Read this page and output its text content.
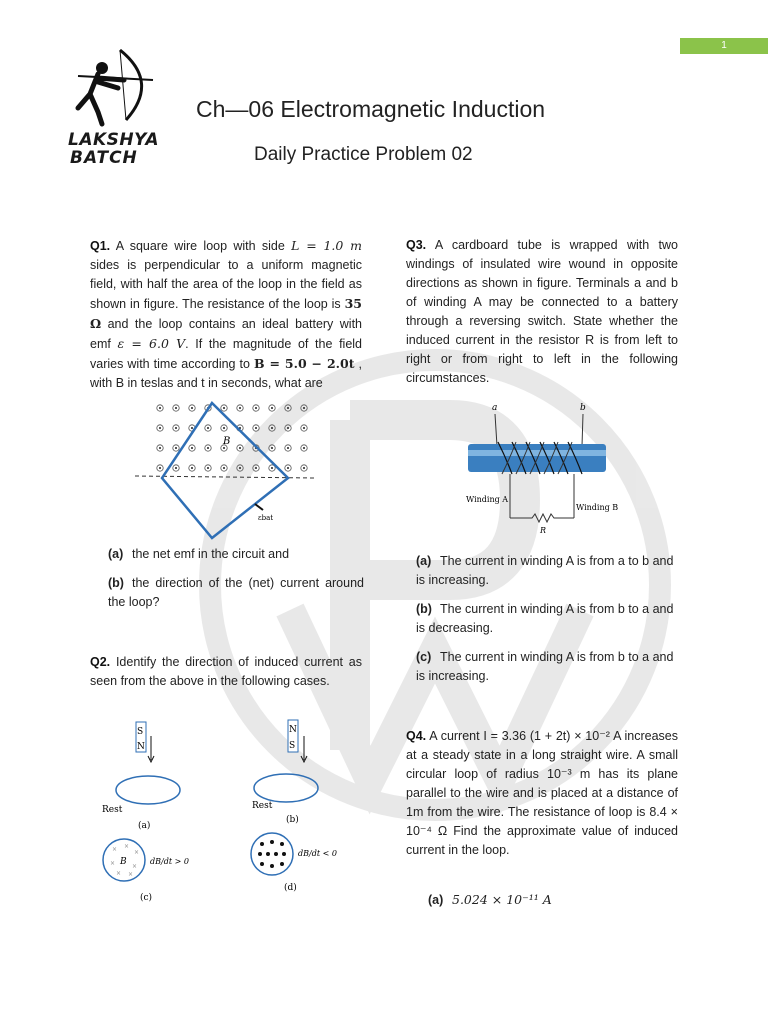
1
LAKSHYA
BATCH
Ch—06 Electromagnetic Induction
Daily Practice Problem 02
Q1. A square wire loop with side L = 1.0 m sides is perpendicular to a uniform magnetic field, with half the area of the loop in the field as shown in figure. The resistance of the loop is 35 Ω and the loop contains an ideal battery with emf ε = 6.0 V. If the magnitude of the field varies with time according to B = 5.0 − 2.0t , with B in teslas and t in seconds, what are
B
εbat
(a) the net emf in the circuit and
(b) the direction of the (net) current around the loop?
Q2. Identify the direction of induced current as seen from the above in the following cases.
S
N
Rest
(a)
N
S
Rest
(b)
× ×
×
×	×
× ×
B	dB/dt > 0
(c)
dB/dt < 0
(d)
Q3. A cardboard tube is wrapped with two windings of insulated wire wound in opposite directions as shown in figure. Terminals a and b of winding A may be connected to a battery through a reversing switch. State whether the induced current in the resistor R is from left to right or from right to left in the following circumstances.
a	b
Winding A
Winding B
R
(a) The current in winding A is from a to b and is increasing.
(b) The current in winding A is from b to a and is decreasing.
(c) The current in winding A is from b to a and is increasing.
Q4. A current I = 3.36 (1 + 2t) × 10⁻² A increases at a steady state in a long straight wire. A small circular loop of radius 10⁻³ m has its plane parallel to the wire and is placed at a distance of 1m from the wire. The resistance of loop is 8.4 × 10⁻⁴ Ω Find the approximate value of induced current in the loop.
(a) 5.024 × 10⁻¹¹ A
